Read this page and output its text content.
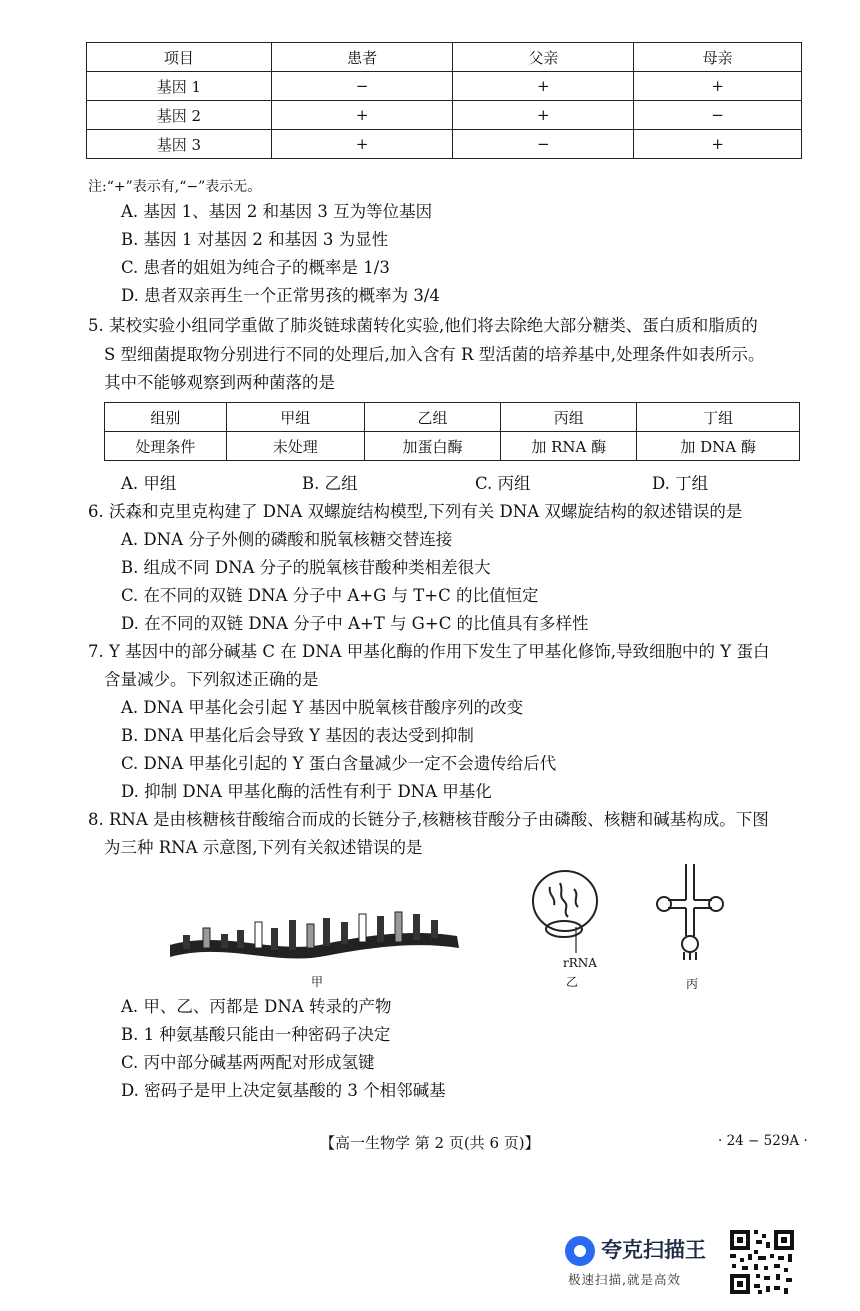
项目	患者	父亲	母亲
基因 1	−	+	+
基因 2	+	+	−
基因 3	+	−	+
注:“+”表示有,“−”表示无。
A. 基因 1、基因 2 和基因 3 互为等位基因
B. 基因 1 对基因 2 和基因 3 为显性
C. 患者的姐姐为纯合子的概率是 1/3
D. 患者双亲再生一个正常男孩的概率为 3/4
5. 某校实验小组同学重做了肺炎链球菌转化实验,他们将去除绝大部分糖类、蛋白质和脂质的
S 型细菌提取物分别进行不同的处理后,加入含有 R 型活菌的培养基中,处理条件如表所示。
其中不能够观察到两种菌落的是
组别	甲组	乙组	丙组	丁组
处理条件	未处理	加蛋白酶	加 RNA 酶	加 DNA 酶
A. 甲组	B. 乙组	C. 丙组	D. 丁组
6. 沃森和克里克构建了 DNA 双螺旋结构模型,下列有关 DNA 双螺旋结构的叙述错误的是
A. DNA 分子外侧的磷酸和脱氧核糖交替连接
B. 组成不同 DNA 分子的脱氧核苷酸种类相差很大
C. 在不同的双链 DNA 分子中 A+G 与 T+C 的比值恒定
D. 在不同的双链 DNA 分子中 A+T 与 G+C 的比值具有多样性
7. Y 基因中的部分碱基 C 在 DNA 甲基化酶的作用下发生了甲基化修饰,导致细胞中的 Y 蛋白
含量减少。下列叙述正确的是
A. DNA 甲基化会引起 Y 基因中脱氧核苷酸序列的改变
B. DNA 甲基化后会导致 Y 基因的表达受到抑制
C. DNA 甲基化引起的 Y 蛋白含量减少一定不会遗传给后代
D. 抑制 DNA 甲基化酶的活性有利于 DNA 甲基化
8. RNA 是由核糖核苷酸缩合而成的长链分子,核糖核苷酸分子由磷酸、核糖和碱基构成。下图
为三种 RNA 示意图,下列有关叙述错误的是
甲
rRNA
乙	丙
A. 甲、乙、丙都是 DNA 转录的产物
B. 1 种氨基酸只能由一种密码子决定
C. 丙中部分碱基两两配对形成氢键
D. 密码子是甲上决定氨基酸的 3 个相邻碱基
【高一生物学 第 2 页(共 6 页)】	· 24 − 529A ·
夸克扫描王
极速扫描,就是高效
